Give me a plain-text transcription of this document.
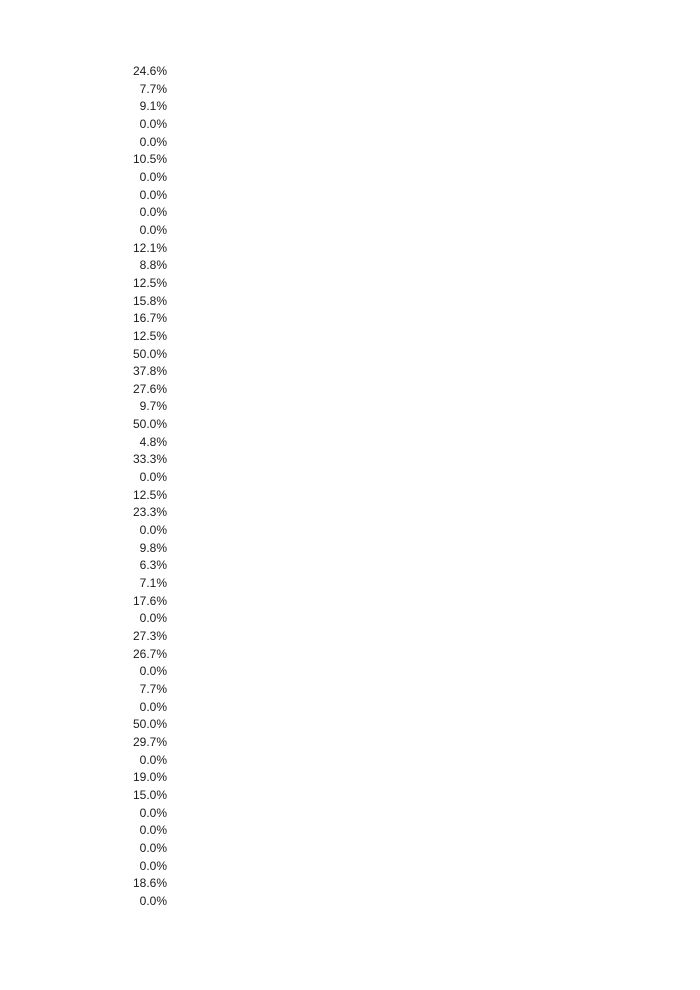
24.6%
7.7%
9.1%
0.0%
0.0%
10.5%
0.0%
0.0%
0.0%
0.0%
12.1%
8.8%
12.5%
15.8%
16.7%
12.5%
50.0%
37.8%
27.6%
9.7%
50.0%
4.8%
33.3%
0.0%
12.5%
23.3%
0.0%
9.8%
6.3%
7.1%
17.6%
0.0%
27.3%
26.7%
0.0%
7.7%
0.0%
50.0%
29.7%
0.0%
19.0%
15.0%
0.0%
0.0%
0.0%
0.0%
18.6%
0.0%
